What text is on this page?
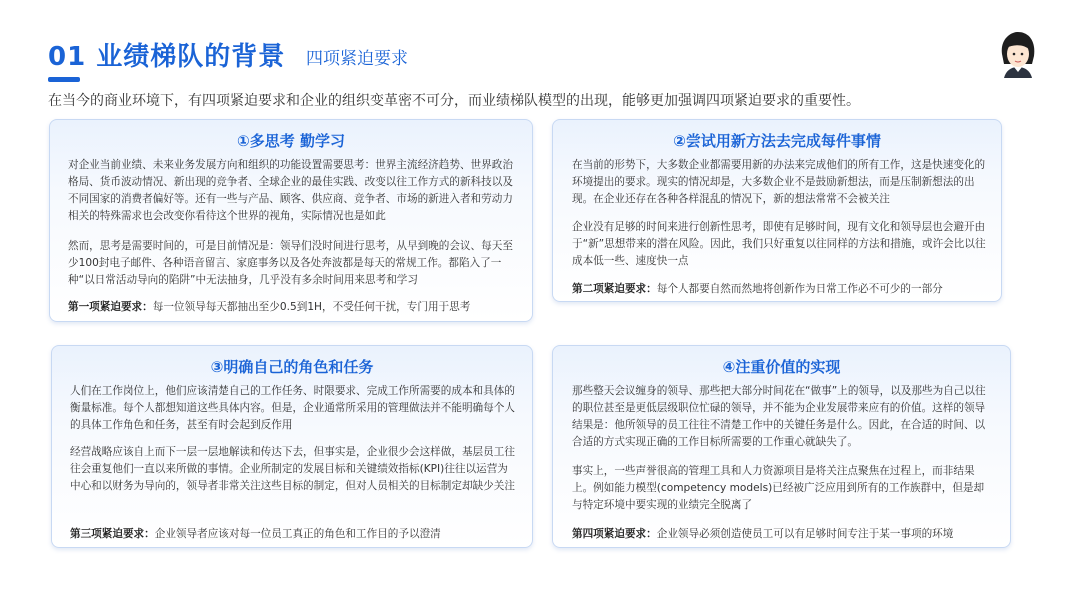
01 业绩梯队的背景 四项紧迫要求
在当今的商业环境下，有四项紧迫要求和企业的组织变革密不可分，而业绩梯队模型的出现，能够更加强调四项紧迫要求的重要性。
①多思考 勤学习
对企业当前业绩、未来业务发展方向和组织的功能设置需要思考：世界主流经济趋势、世界政治格局、货币波动情况、新出现的竞争者、全球企业的最佳实践、改变以往工作方式的新科技以及不同国家的消费者偏好等。还有一些与产品、顾客、供应商、竞争者、市场的新进入者和劳动力相关的特殊需求也会改变你看待这个世界的视角，实际情况也是如此
然而，思考是需要时间的，可是目前情况是：领导们没时间进行思考，从早到晚的会议、每天至少100封电子邮件、各种语音留言、家庭事务以及各处奔波都是每天的常规工作。都陷入了一种“以日常活动导向的陷阱”中无法抽身，几乎没有多余时间用来思考和学习
第一项紧迫要求：每一位领导每天都抽出至少0.5到1H，不受任何干扰，专门用于思考
②尝试用新方法去完成每件事情
在当前的形势下，大多数企业都需要用新的办法来完成他们的所有工作，这是快速变化的环境提出的要求。现实的情况却是，大多数企业不是鼓励新想法，而是压制新想法的出现。在企业还存在各种各样混乱的情况下，新的想法常常不会被关注
企业没有足够的时间来进行创新性思考，即使有足够时间，现有文化和领导层也会避开由于“新”思想带来的潜在风险。因此，我们只好重复以往同样的方法和措施，或许会比以往成本低一些、速度快一点
第二项紧迫要求：每个人都要自然而然地将创新作为日常工作必不可少的一部分
③明确自己的角色和任务
人们在工作岗位上，他们应该清楚自己的工作任务、时限要求、完成工作所需要的成本和具体的衡量标准。每个人都想知道这些具体内容。但是，企业通常所采用的管理做法并不能明确每个人的具体工作角色和任务，甚至有时会起到反作用
经营战略应该自上而下一层一层地解读和传达下去，但事实是，企业很少会这样做，基层员工往往会重复他们一直以来所做的事情。企业所制定的发展目标和关键绩效指标(KPI)往往以运营为中心和以财务为导向的，领导者非常关注这些目标的制定，但对人员相关的目标制定却缺少关注
第三项紧迫要求：企业领导者应该对每一位员工真正的角色和工作目的予以澄清
④注重价值的实现
那些整天会议缠身的领导、那些把大部分时间花在“做事”上的领导，以及那些为自己以往的职位甚至是更低层级职位忙碌的领导，并不能为企业发展带来应有的价值。这样的领导结果是：他所领导的员工往往不清楚工作中的关键任务是什么。因此，在合适的时间、以合适的方式实现正确的工作目标所需要的工作重心就缺失了。
事实上，一些声誉很高的管理工具和人力资源项目是将关注点聚焦在过程上，而非结果上。例如能力模型(competency models)已经被广泛应用到所有的工作族群中，但是却与特定环境中要实现的业绩完全脱离了
第四项紧迫要求：企业领导必须创造使员工可以有足够时间专注于某一事项的环境
